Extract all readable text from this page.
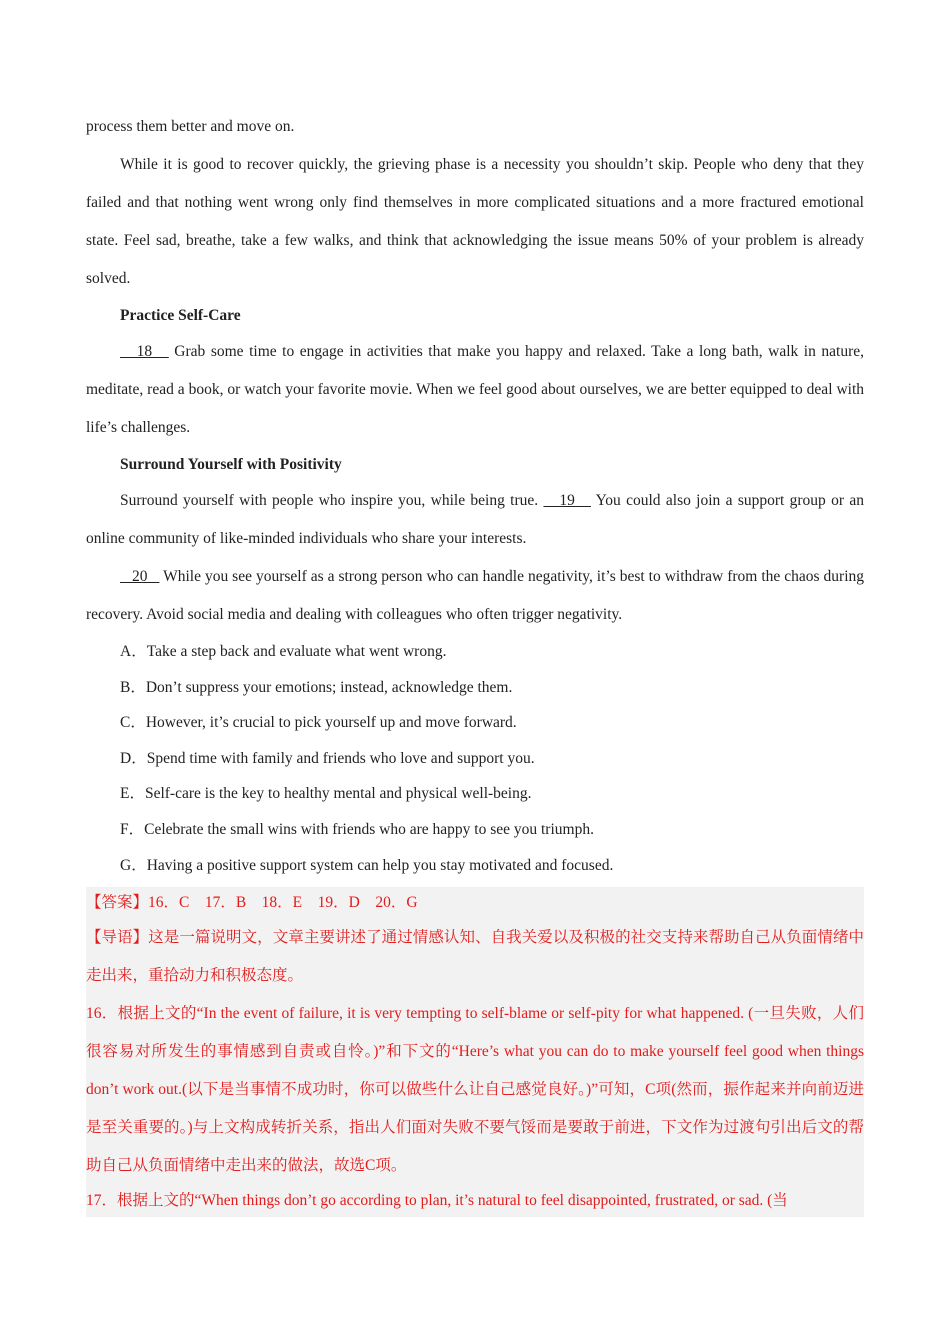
process them better and move on.

While it is good to recover quickly, the grieving phase is a necessity you shouldn’t skip. People who deny that they failed and that nothing went wrong only find themselves in more complicated situations and a more fractured emotional state. Feel sad, breathe, take a few walks, and think that acknowledging the issue means 50% of your problem is already solved.

Practice Self-Care

18    Grab some time to engage in activities that make you happy and relaxed. Take a long bath, walk in nature, meditate, read a book, or watch your favorite movie. When we feel good about ourselves, we are better equipped to deal with life’s challenges.

Surround Yourself with Positivity

Surround yourself with people who inspire you, while being true.    19    You could also join a support group or an online community of like-minded individuals who share your interests.

20    While you see yourself as a strong person who can handle negativity, it’s best to withdraw from the chaos during recovery. Avoid social media and dealing with colleagues who often trigger negativity.

A．Take a step back and evaluate what went wrong.

B．Don’t suppress your emotions; instead, acknowledge them.

C．However, it’s crucial to pick yourself up and move forward.

D．Spend time with family and friends who love and support you.

E．Self-care is the key to healthy mental and physical well-being.

F．Celebrate the small wins with friends who are happy to see you triumph.

G．Having a positive support system can help you stay motivated and focused.

【答案】16．C　17．B　18．E　19．D　20．G

【导语】这是一篇说明文，文章主要讲述了通过情感认知、自我关爱以及积极的社交支持来帮助自己从负面情绪中走出来，重拾动力和积极态度。

16．根据上文的“In the event of failure, it is very tempting to self-blame or self-pity for what happened. (一旦失败，人们很容易对所发生的事情感到自责或自怜。)”和下文的“Here’s what you can do to make yourself feel good when things don’t work out.(以下是当事情不成功时，你可以做些什么让自己感觉良好。)”可知，C项(然而，振作起来并向前迈进是至关重要的。)与上文构成转折关系，指出人们面对失败不要气馁而是要敢于前进，下文作为过渡句引出后文的帮助自己从负面情绪中走出来的做法，故选C项。

17．根据上文的“When things don’t go according to plan, it’s natural to feel disappointed, frustrated, or sad. (当
